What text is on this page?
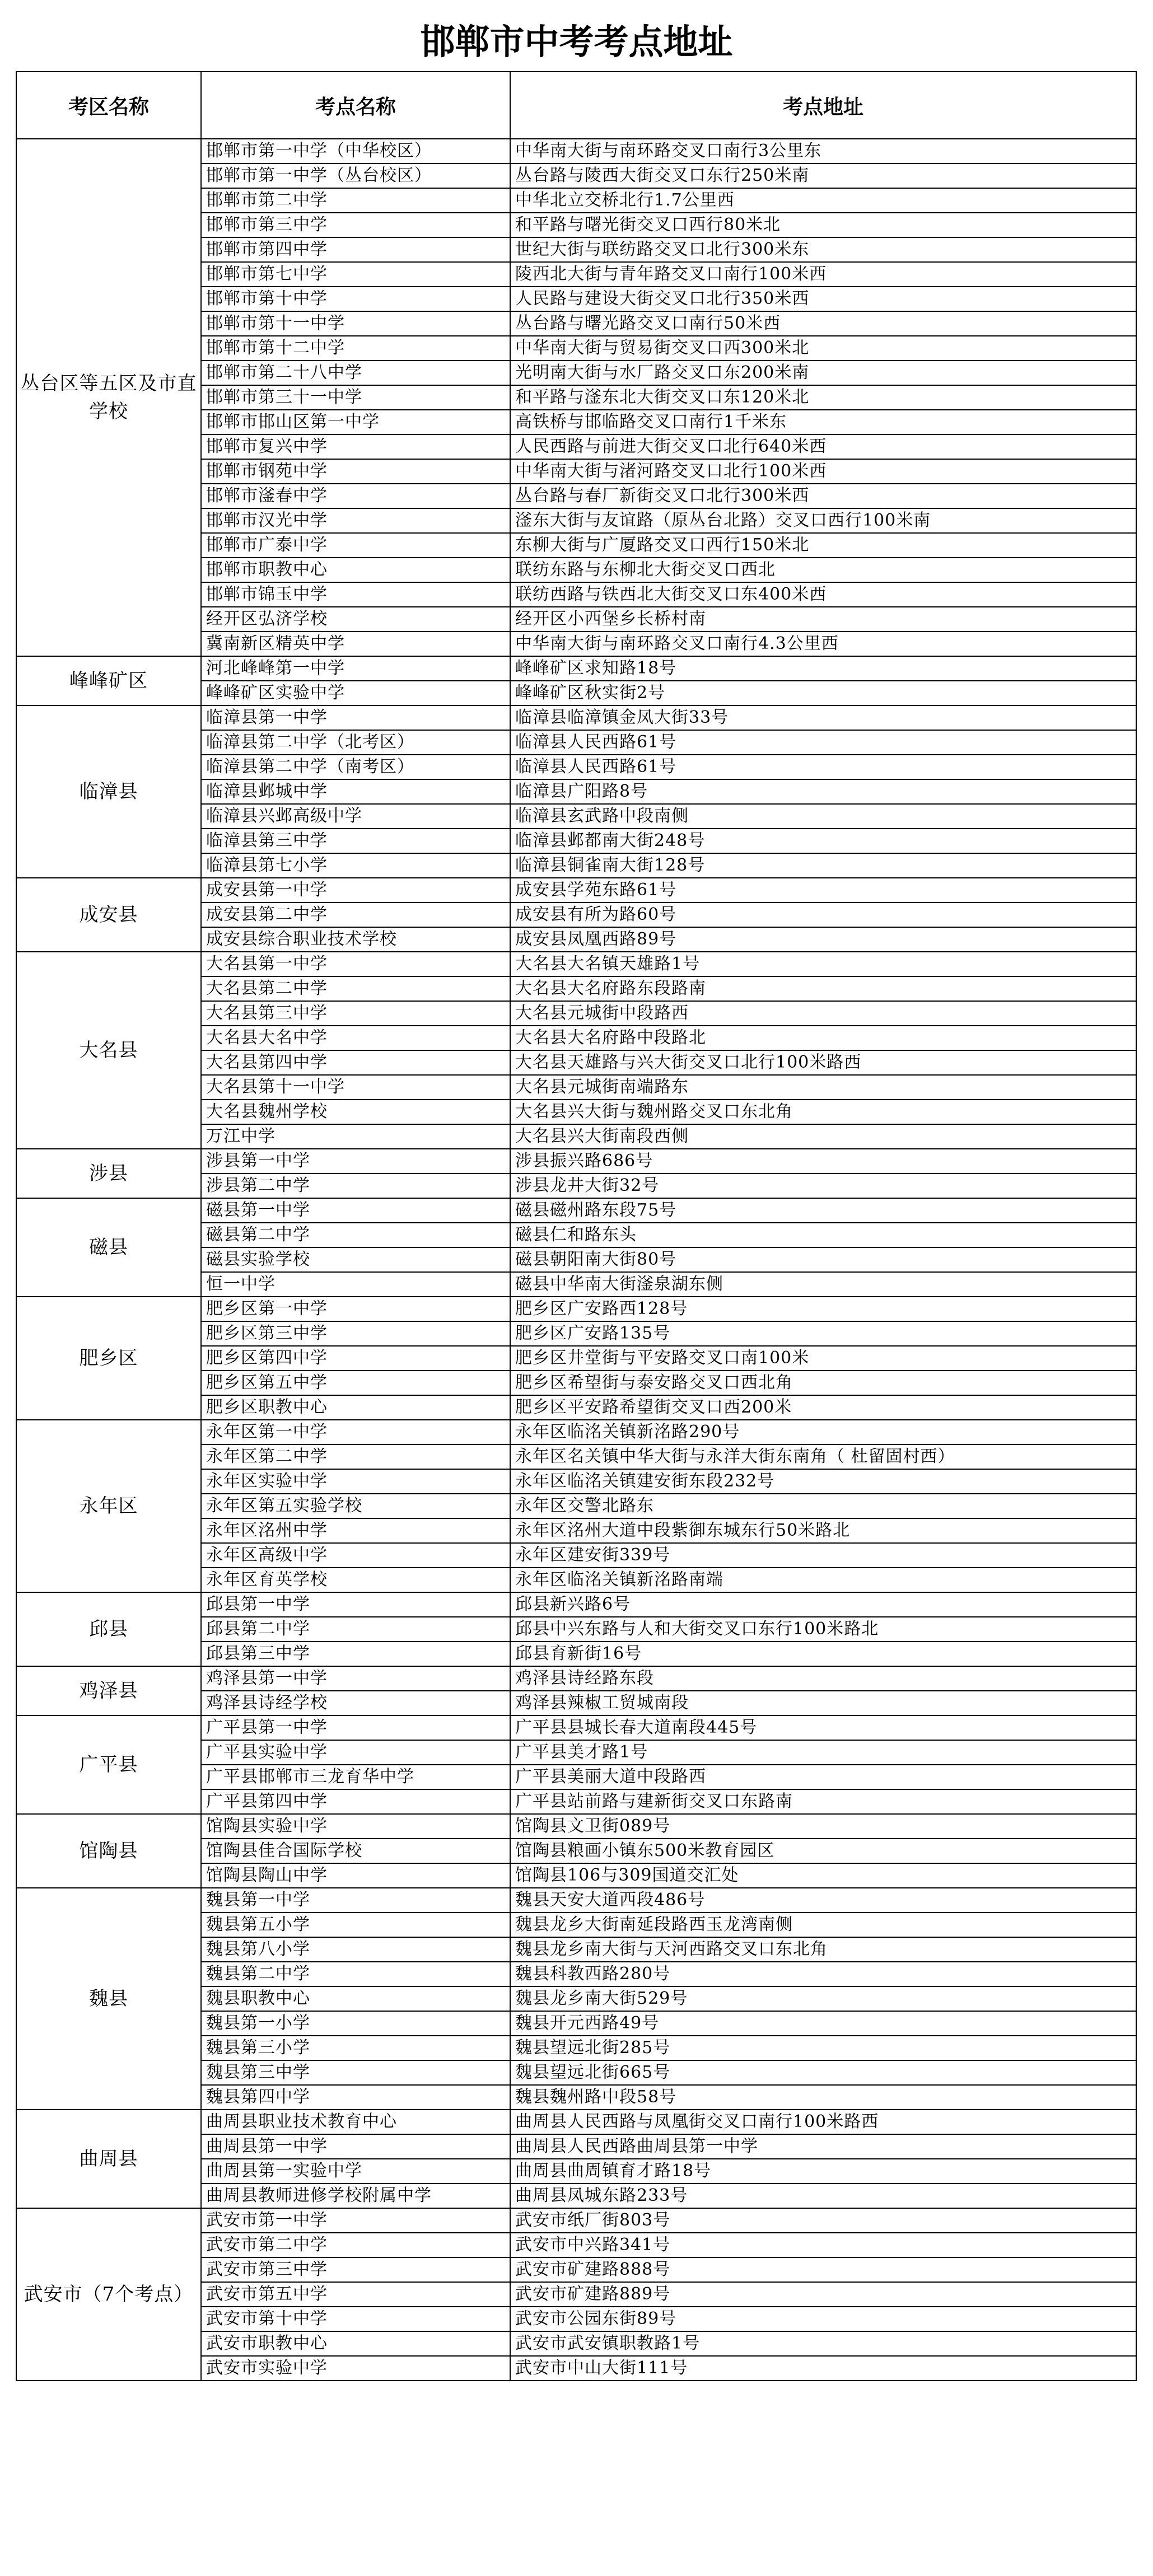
邯郸市中考考点地址
考区名称	考点名称	考点地址
丛台区等五区及市直学校	邯郸市第一中学（中华校区）	中华南大街与南环路交叉口南行3公里东
	邯郸市第一中学（丛台校区）	丛台路与陵西大街交叉口东行250米南
	邯郸市第二中学	中华北立交桥北行1.7公里西
	邯郸市第三中学	和平路与曙光街交叉口西行80米北
	邯郸市第四中学	世纪大街与联纺路交叉口北行300米东
	邯郸市第七中学	陵西北大街与青年路交叉口南行100米西
	邯郸市第十中学	人民路与建设大街交叉口北行350米西
	邯郸市第十一中学	丛台路与曙光路交叉口南行50米西
	邯郸市第十二中学	中华南大街与贸易街交叉口西300米北
	邯郸市第二十八中学	光明南大街与水厂路交叉口东200米南
	邯郸市第三十一中学	和平路与滏东北大街交叉口东120米北
	邯郸市邯山区第一中学	高铁桥与邯临路交叉口南行1千米东
	邯郸市复兴中学	人民西路与前进大街交叉口北行640米西
	邯郸市钢苑中学	中华南大街与渚河路交叉口北行100米西
	邯郸市滏春中学	丛台路与春厂新街交叉口北行300米西
	邯郸市汉光中学	滏东大街与友谊路（原丛台北路）交叉口西行100米南
	邯郸市广泰中学	东柳大街与广厦路交叉口西行150米北
	邯郸市职教中心	联纺东路与东柳北大街交叉口西北
	邯郸市锦玉中学	联纺西路与铁西北大街交叉口东400米西
	经开区弘济学校	经开区小西堡乡长桥村南
	冀南新区精英中学	中华南大街与南环路交叉口南行4.3公里西
峰峰矿区	河北峰峰第一中学	峰峰矿区求知路18号
	峰峰矿区实验中学	峰峰矿区秋实街2号
临漳县	临漳县第一中学	临漳县临漳镇金凤大街33号
	临漳县第二中学（北考区）	临漳县人民西路61号
	临漳县第二中学（南考区）	临漳县人民西路61号
	临漳县邺城中学	临漳县广阳路8号
	临漳县兴邺高级中学	临漳县玄武路中段南侧
	临漳县第三中学	临漳县邺都南大街248号
	临漳县第七小学	临漳县铜雀南大街128号
成安县	成安县第一中学	成安县学苑东路61号
	成安县第二中学	成安县有所为路60号
	成安县综合职业技术学校	成安县凤凰西路89号
大名县	大名县第一中学	大名县大名镇天雄路1号
	大名县第二中学	大名县大名府路东段路南
	大名县第三中学	大名县元城街中段路西
	大名县大名中学	大名县大名府路中段路北
	大名县第四中学	大名县天雄路与兴大街交叉口北行100米路西
	大名县第十一中学	大名县元城街南端路东
	大名县魏州学校	大名县兴大街与魏州路交叉口东北角
	万江中学	大名县兴大街南段西侧
涉县	涉县第一中学	涉县振兴路686号
	涉县第二中学	涉县龙井大街32号
磁县	磁县第一中学	磁县磁州路东段75号
	磁县第二中学	磁县仁和路东头
	磁县实验学校	磁县朝阳南大街80号
	恒一中学	磁县中华南大街滏泉湖东侧
肥乡区	肥乡区第一中学	肥乡区广安路西128号
	肥乡区第三中学	肥乡区广安路135号
	肥乡区第四中学	肥乡区井堂街与平安路交叉口南100米
	肥乡区第五中学	肥乡区希望街与泰安路交叉口西北角
	肥乡区职教中心	肥乡区平安路希望街交叉口西200米
永年区	永年区第一中学	永年区临洺关镇新洺路290号
	永年区第二中学	永年区名关镇中华大街与永洋大街东南角（ 杜留固村西）
	永年区实验中学	永年区临洺关镇建安街东段232号
	永年区第五实验学校	永年区交警北路东
	永年区洺州中学	永年区洺州大道中段紫御东城东行50米路北
	永年区高级中学	永年区建安街339号
	永年区育英学校	永年区临洺关镇新洺路南端
邱县	邱县第一中学	邱县新兴路6号
	邱县第二中学	邱县中兴东路与人和大街交叉口东行100米路北
	邱县第三中学	邱县育新街16号
鸡泽县	鸡泽县第一中学	鸡泽县诗经路东段
	鸡泽县诗经学校	鸡泽县辣椒工贸城南段
广平县	广平县第一中学	广平县县城长春大道南段445号
	广平县实验中学	广平县美才路1号
	广平县邯郸市三龙育华中学	广平县美丽大道中段路西
	广平县第四中学	广平县站前路与建新街交叉口东路南
馆陶县	馆陶县实验中学	馆陶县文卫街089号
	馆陶县佳合国际学校	馆陶县粮画小镇东500米教育园区
	馆陶县陶山中学	馆陶县106与309国道交汇处
魏县	魏县第一中学	魏县天安大道西段486号
	魏县第五小学	魏县龙乡大街南延段路西玉龙湾南侧
	魏县第八小学	魏县龙乡南大街与天河西路交叉口东北角
	魏县第二中学	魏县科教西路280号
	魏县职教中心	魏县龙乡南大街529号
	魏县第一小学	魏县开元西路49号
	魏县第三小学	魏县望远北街285号
	魏县第三中学	魏县望远北街665号
	魏县第四中学	魏县魏州路中段58号
曲周县	曲周县职业技术教育中心	曲周县人民西路与凤凰街交叉口南行100米路西
	曲周县第一中学	曲周县人民西路曲周县第一中学
	曲周县第一实验中学	曲周县曲周镇育才路18号
	曲周县教师进修学校附属中学	曲周县凤城东路233号
武安市（7个考点）	武安市第一中学	武安市纸厂街803号
	武安市第二中学	武安市中兴路341号
	武安市第三中学	武安市矿建路888号
	武安市第五中学	武安市矿建路889号
	武安市第十中学	武安市公园东街89号
	武安市职教中心	武安市武安镇职教路1号
	武安市实验中学	武安市中山大街111号
